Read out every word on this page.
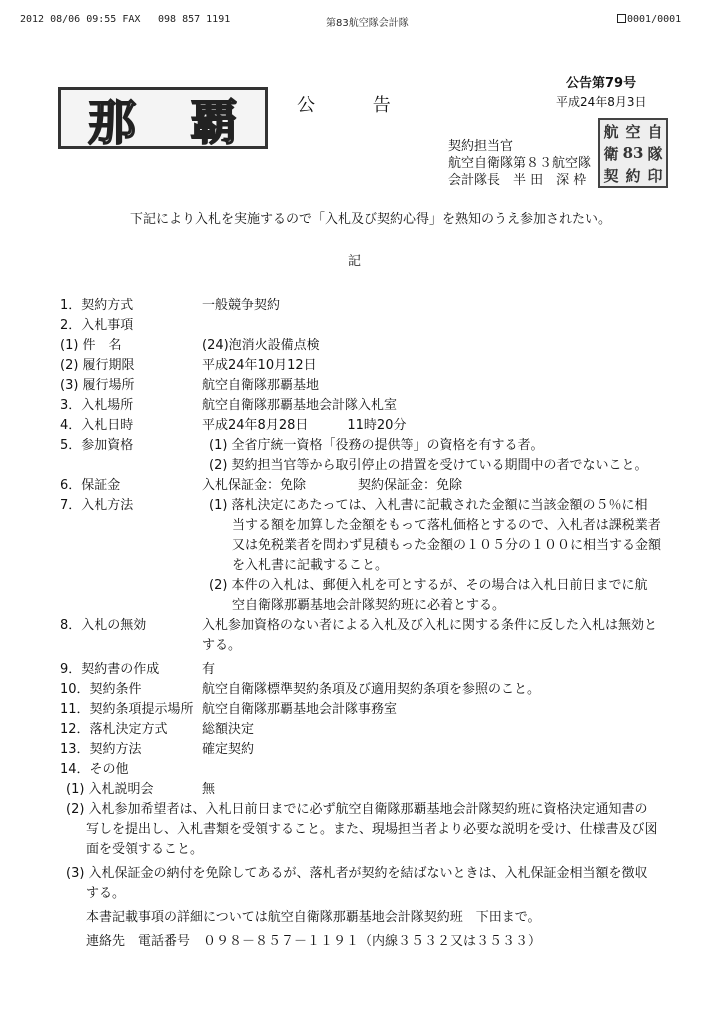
2012 08/06 09:55 FAX 098 857 1191	第83航空隊会計隊	0001/0001
那 覇	公 告
公告第79号
平成24年8月3日
契約担当官
航空自衛隊第８３航空隊
会計隊長　半 田　深 枠
航 空 自
衛 83 隊
契 約 印
下記により入札を実施するので「入札及び契約心得」を熟知のうえ参加されたい。
記
1．契約方式	一般競争契約
2．入札事項
(1) 件　名	(24)泡消火設備点検
(2) 履行期限	平成24年10月12日
(3) 履行場所	航空自衛隊那覇基地
3．入札場所	航空自衛隊那覇基地会計隊入札室
4．入札日時	平成24年8月28日　　　11時20分
5．参加資格	(1) 全省庁統一資格「役務の提供等」の資格を有する者。
(2) 契約担当官等から取引停止の措置を受けている期間中の者でないこと。
6．保証金	入札保証金：免除　　　　契約保証金：免除
7．入札方法	(1) 落札決定にあたっては、入札書に記載された金額に当該金額の５％に相
当する額を加算した金額をもって落札価格とするので、入札者は課税業者
又は免税業者を問わず見積もった金額の１０５分の１００に相当する金額
を入札書に記載すること。
(2) 本件の入札は、郵便入札を可とするが、その場合は入札日前日までに航
空自衛隊那覇基地会計隊契約班に必着とする。
8．入札の無効	入札参加資格のない者による入札及び入札に関する条件に反した入札は無効と
する。
9．契約書の作成	有
10．契約条件	航空自衛隊標準契約条項及び適用契約条項を参照のこと。
11．契約条項提示場所 航空自衛隊那覇基地会計隊事務室
12．落札決定方式	総額決定
13．契約方法	確定契約
14．その他
(1) 入札説明会	無
(2) 入札参加希望者は、入札日前日までに必ず航空自衛隊那覇基地会計隊契約班に資格決定通知書の
写しを提出し、入札書類を受領すること。また、現場担当者より必要な説明を受け、仕様書及び図
面を受領すること。
(3) 入札保証金の納付を免除してあるが、落札者が契約を結ばないときは、入札保証金相当額を徴収
する。
本書記載事項の詳細については航空自衛隊那覇基地会計隊契約班　下田まで。
連絡先　電話番号　０９８－８５７－１１９１（内線３５３２又は３５３３）
